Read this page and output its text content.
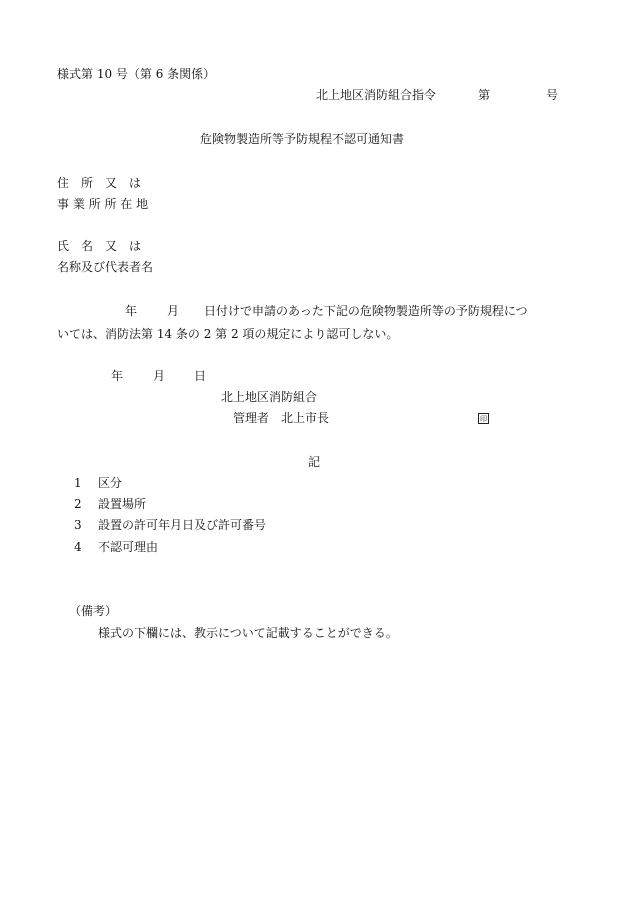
様式第 10 号（第 6 条関係）
北上地区消防組合指令	第	号
危険物製造所等予防規程不認可通知書
住　所　又　は
事 業 所 所 在 地
氏　名　又　は
名称及び代表者名
年 月 日付けで申請のあった下記の危険物製造所等の予防規程につ
いては、消防法第 14 条の 2 第 2 項の規定により認可しない。
年 月 日
北上地区消防組合
管理者　北上市長	印
記
1 区分
2 設置場所
3 設置の許可年月日及び許可番号
4 不認可理由
（備考）
様式の下欄には、教示について記載することができる。
